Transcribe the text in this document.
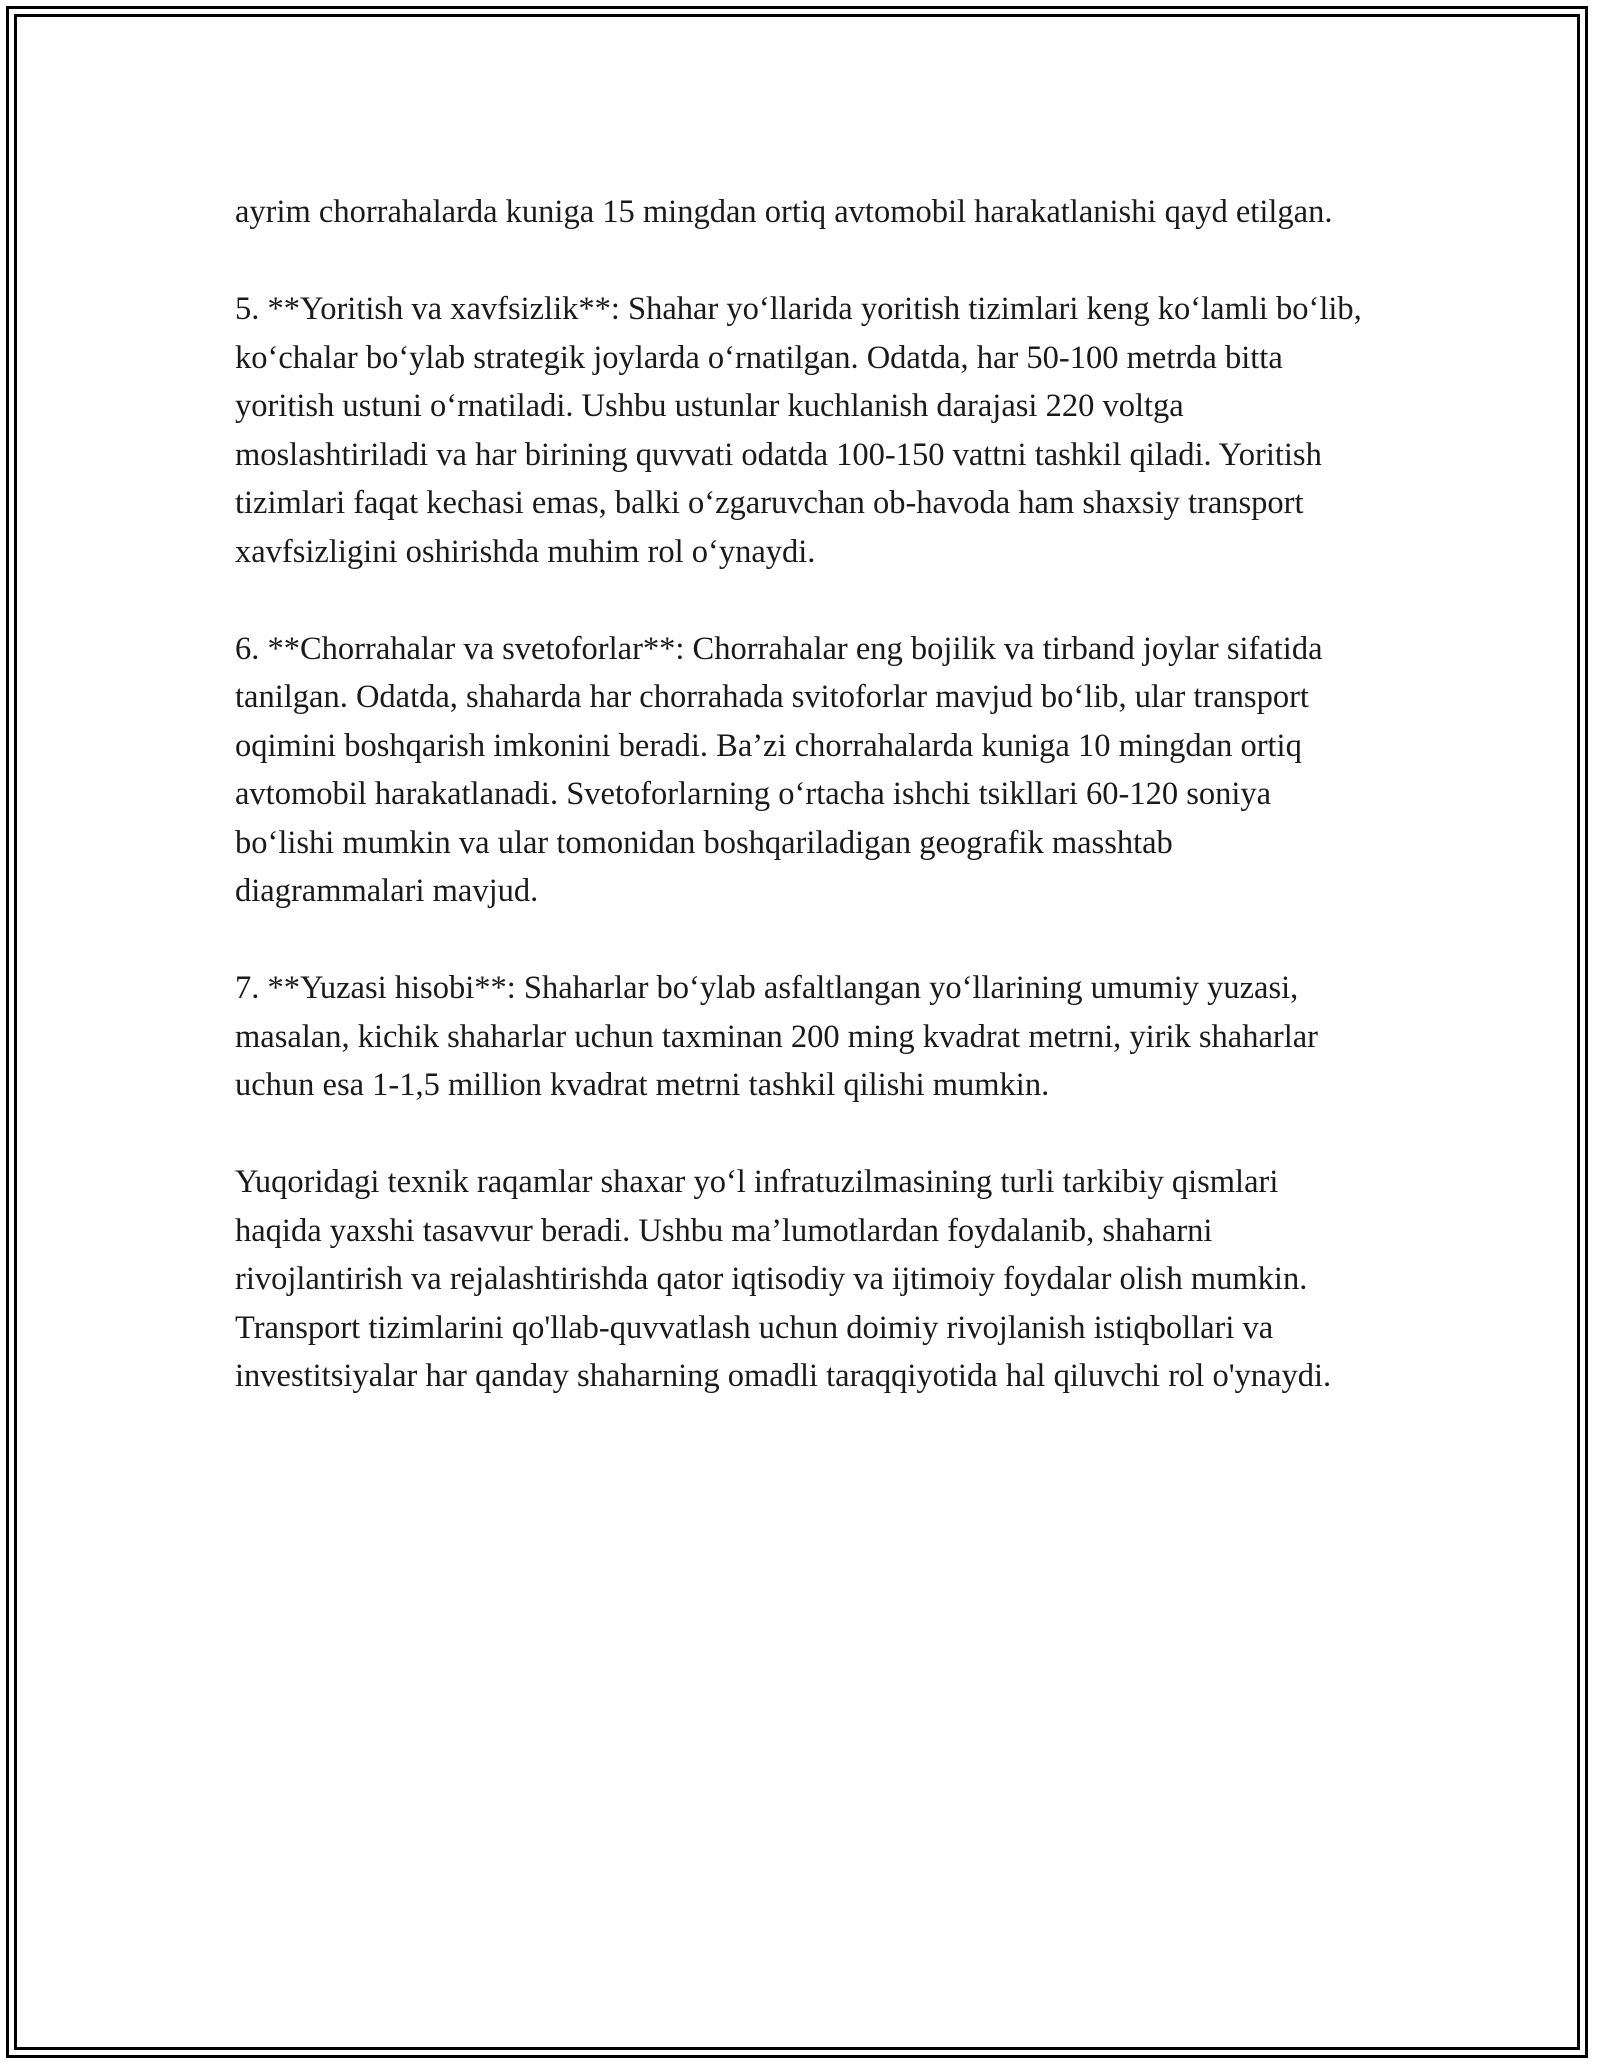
ayrim chorrahalarda kuniga 15 mingdan ortiq avtomobil harakatlanishi qayd etilgan.

5. **Yoritish va xavfsizlik**: Shahar yo‘llarida yoritish tizimlari keng ko‘lamli bo‘lib, ko‘chalar bo‘ylab strategik joylarda o‘rnatilgan. Odatda, har 50-100 metrda bitta yoritish ustuni o‘rnatiladi. Ushbu ustunlar kuchlanish darajasi 220 voltga moslashtiriladi va har birining quvvati odatda 100-150 vattni tashkil qiladi. Yoritish tizimlari faqat kechasi emas, balki o‘zgaruvchan ob-havoda ham shaxsiy transport xavfsizligini oshirishda muhim rol o‘ynaydi.

6. **Chorrahalar va svetoforlar**: Chorrahalar eng bojilik va tirband joylar sifatida tanilgan. Odatda, shaharda har chorrahada svitoforlar mavjud bo‘lib, ular transport oqimini boshqarish imkonini beradi. Ba’zi chorrahalarda kuniga 10 mingdan ortiq avtomobil harakatlanadi. Svetoforlarning o‘rtacha ishchi tsikllari 60-120 soniya bo‘lishi mumkin va ular tomonidan boshqariladigan geografik masshtab diagrammalari mavjud.

7. **Yuzasi hisobi**: Shaharlar bo‘ylab asfaltlangan yo‘llarining umumiy yuzasi, masalan, kichik shaharlar uchun taxminan 200 ming kvadrat metrni, yirik shaharlar uchun esa 1-1,5 million kvadrat metrni tashkil qilishi mumkin.

Yuqoridagi texnik raqamlar shaxar yo‘l infratuzilmasining turli tarkibiy qismlari haqida yaxshi tasavvur beradi. Ushbu ma’lumotlardan foydalanib, shaharni rivojlantirish va rejalashtirishda qator iqtisodiy va ijtimoiy foydalar olish mumkin. Transport tizimlarini qo'llab-quvvatlash uchun doimiy rivojlanish istiqbollari va investitsiyalar har qanday shaharning omadli taraqqiyotida hal qiluvchi rol o'ynaydi.
